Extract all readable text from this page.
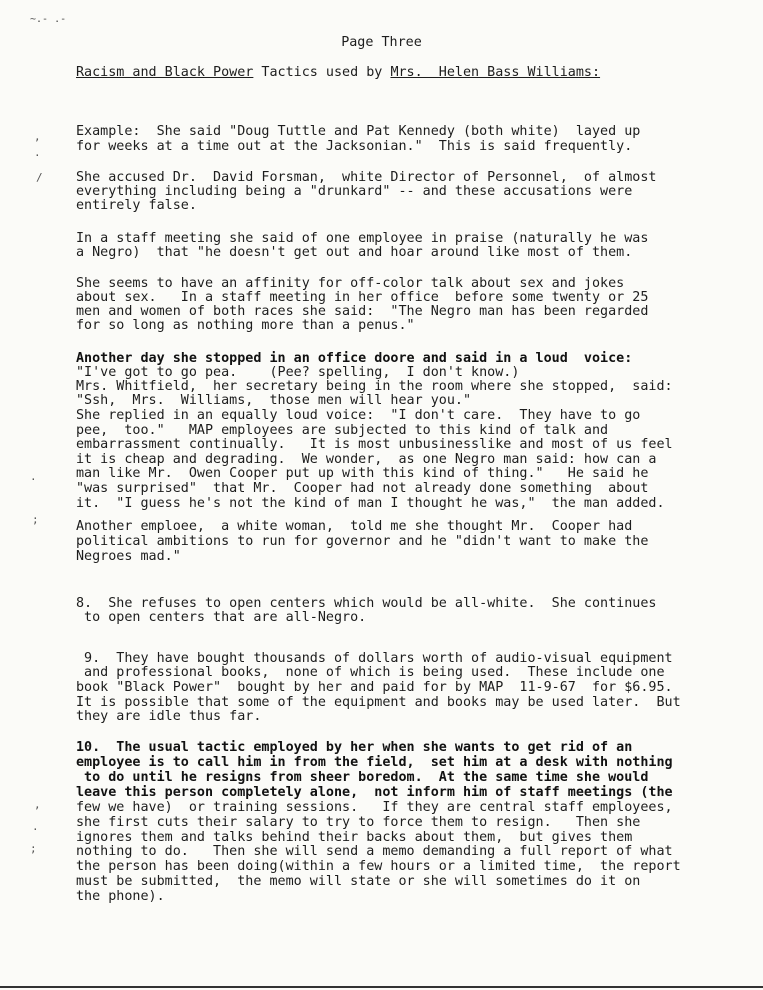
~.- .-
Page Three
Racism and Black Power Tactics used by Mrs.  Helen Bass Williams:
Example:  She said "Doug Tuttle and Pat Kennedy (both white)  layed up
for weeks at a time out at the Jacksonian."  This is said frequently.
She accused Dr.  David Forsman,  white Director of Personnel,  of almost
everything including being a "drunkard" -- and these accusations were
entirely false.
In a staff meeting she said of one employee in praise (naturally he was
a Negro)  that "he doesn't get out and hoar around like most of them.
She seems to have an affinity for off-color talk about sex and jokes
about sex.   In a staff meeting in her office  before some twenty or 25
men and women of both races she said:  "The Negro man has been regarded
for so long as nothing more than a penus."
Another day she stopped in an office doore and said in a loud  voice:
"I've got to go pea.    (Pee? spelling,  I don't know.)
Mrs. Whitfield,  her secretary being in the room where she stopped,  said:
"Ssh,  Mrs.  Williams,  those men will hear you."
She replied in an equally loud voice:  "I don't care.  They have to go
pee,  too."   MAP employees are subjected to this kind of talk and
embarrassment continually.   It is most unbusinesslike and most of us feel
it is cheap and degrading.  We wonder,  as one Negro man said: how can a
man like Mr.  Owen Cooper put up with this kind of thing."   He said he
"was surprised"  that Mr.  Cooper had not already done something  about
it.  "I guess he's not the kind of man I thought he was,"  the man added.
Another emploee,  a white woman,  told me she thought Mr.  Cooper had
political ambitions to run for governor and he "didn't want to make the
Negroes mad."
8.  She refuses to open centers which would be all-white.  She continues
to open centers that are all-Negro.
9.  They have bought thousands of dollars worth of audio-visual equipment
and professional books,  none of which is being used.  These include one
book "Black Power"  bought by her and paid for by MAP  11-9-67  for $6.95.
It is possible that some of the equipment and books may be used later.  But
they are idle thus far.
10.  The usual tactic employed by her when she wants to get rid of an
employee is to call him in from the field,  set him at a desk with nothing
to do until he resigns from sheer boredom.  At the same time she would
leave this person completely alone,  not inform him of staff meetings (the
few we have)  or training sessions.   If they are central staff employees,
she first cuts their salary to try to force them to resign.   Then she
ignores them and talks behind their backs about them,  but gives them
nothing to do.   Then she will send a memo demanding a full report of what
the person has been doing(within a few hours or a limited time,  the report
must be submitted,  the memo will state or she will sometimes do it on
the phone).
,
.
/
.
;
,
.
;
